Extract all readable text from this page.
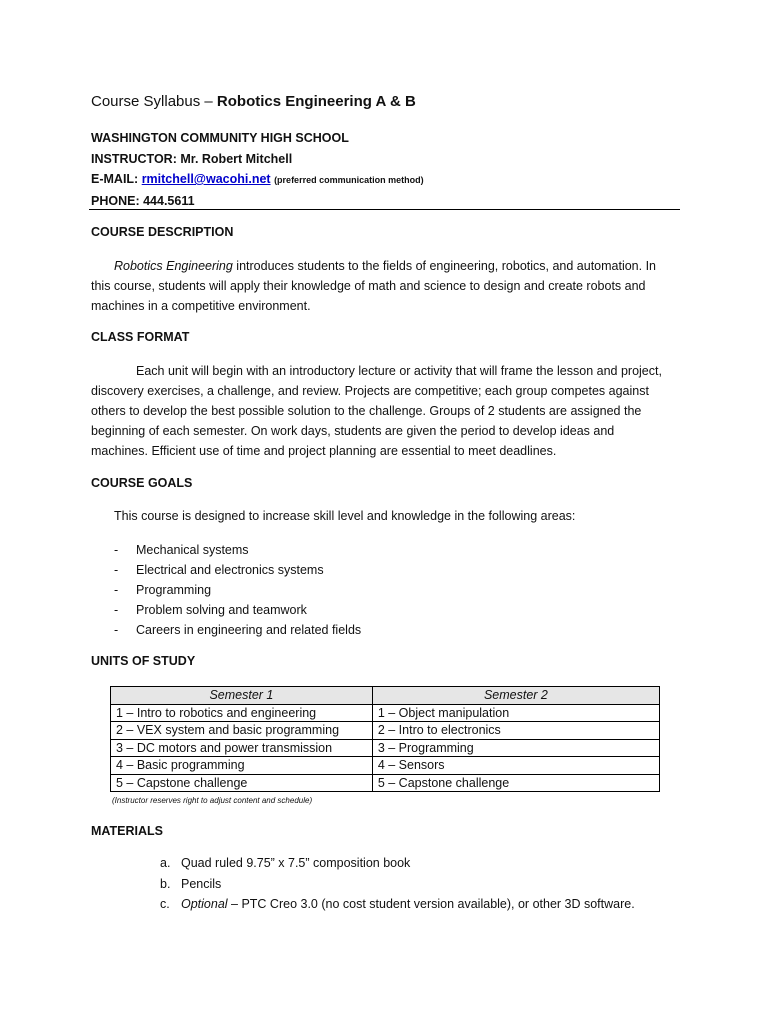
Course Syllabus – Robotics Engineering A & B
WASHINGTON COMMUNITY HIGH SCHOOL
INSTRUCTOR: Mr. Robert Mitchell
E-MAIL: rmitchell@wacohi.net (preferred communication method)
PHONE: 444.5611
COURSE DESCRIPTION

Robotics Engineering introduces students to the fields of engineering, robotics, and automation. In this course, students will apply their knowledge of math and science to design and create robots and machines in a competitive environment.

CLASS FORMAT

Each unit will begin with an introductory lecture or activity that will frame the lesson and project, discovery exercises, a challenge, and review. Projects are competitive; each group competes against others to develop the best possible solution to the challenge. Groups of 2 students are assigned the beginning of each semester. On work days, students are given the period to develop ideas and machines. Efficient use of time and project planning are essential to meet deadlines.

COURSE GOALS
This course is designed to increase skill level and knowledge in the following areas:
- Mechanical systems
- Electrical and electronics systems
- Programming
- Problem solving and teamwork
- Careers in engineering and related fields
UNITS OF STUDY
Semester 1	Semester 2
1 – Intro to robotics and engineering	1 – Object manipulation
2 – VEX system and basic programming	2 – Intro to electronics
3 – DC motors and power transmission	3 – Programming
4 – Basic programming	4 – Sensors
5 – Capstone challenge	5 – Capstone challenge
(Instructor reserves right to adjust content and schedule)
MATERIALS
a. Quad ruled 9.75” x 7.5” composition book
b. Pencils
c. Optional – PTC Creo 3.0 (no cost student version available), or other 3D software.
